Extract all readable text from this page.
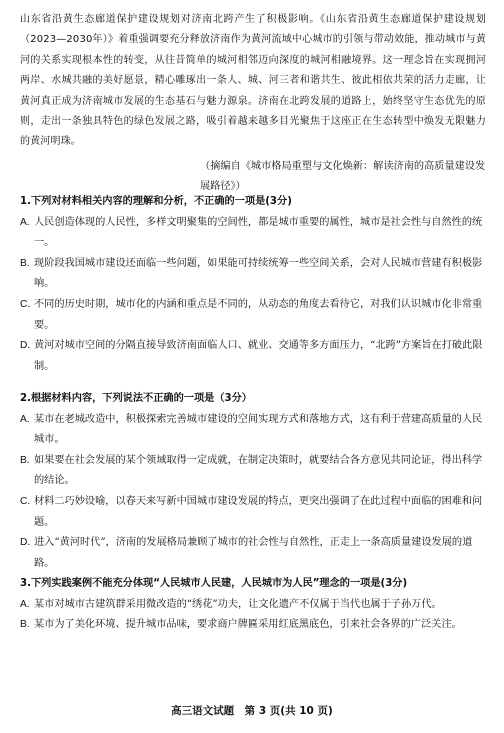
山东省沿黄生态廊道保护建设规划对济南北跨产生了积极影响。《山东省沿黄生态廊道保护建设规划（2023—2030年）》着重强调要充分释放济南作为黄河流域中心城市的引领与带动效能，推动城市与黄河的关系实现根本性的转变，从往昔简单的城河相邻迈向深度的城河相融境界。这一理念旨在实现拥河两岸、水城共融的美好愿景，精心雕琢出一条人、城、河三者和谐共生、彼此相依共荣的活力走廊，让黄河真正成为济南城市发展的生态基石与魅力源泉。济南在北跨发展的道路上，始终坚守生态优先的原则，走出一条独具特色的绿色发展之路，吸引着越来越多目光聚焦于这座正在生态转型中焕发无限魅力的黄河明珠。
（摘编自《城市格局重塑与文化焕新：解读济南的高质量建设发展路径》）
1.下列对材料相关内容的理解和分析，不正确的一项是(3分)

A. 人民创造体现的人民性，多样文明聚集的空间性，都是城市重要的属性，城市是社会性与自然性的统一。

B. 现阶段我国城市建设还面临一些问题，如果能可持续统筹一些空间关系，会对人民城市营建有积极影响。

C. 不同的历史时期，城市化的内涵和重点是不同的，从动态的角度去看待它，对我们认识城市化非常重要。

D. 黄河对城市空间的分隔直接导致济南面临人口、就业、交通等多方面压力，“北跨”方案旨在打破此限制。

2.根据材料内容，下列说法不正确的一项是（3分）

A. 某市在老城改造中，积极探索完善城市建设的空间实现方式和落地方式，这有利于营建高质量的人民城市。

B. 如果要在社会发展的某个领域取得一定成就，在制定决策时，就要结合各方意见共同论证，得出科学的结论。

C. 材料二巧妙设喻，以春天来写新中国城市建设发展的特点，更突出强调了在此过程中面临的困难和问题。

D. 进入“黄河时代”，济南的发展格局兼顾了城市的社会性与自然性，正走上一条高质量建设发展的道路。

3.下列实践案例不能充分体现“人民城市人民建，人民城市为人民”理念的一项是(3分)

A. 某市对城市古建筑群采用微改造的“绣花”功夫，让文化遗产不仅属于当代也属于子孙万代。

B. 某市为了美化环境、提升城市品味，要求商户牌匾采用红底黑底色，引来社会各界的广泛关注。

高三语文试题　第 3 页(共 10 页)
